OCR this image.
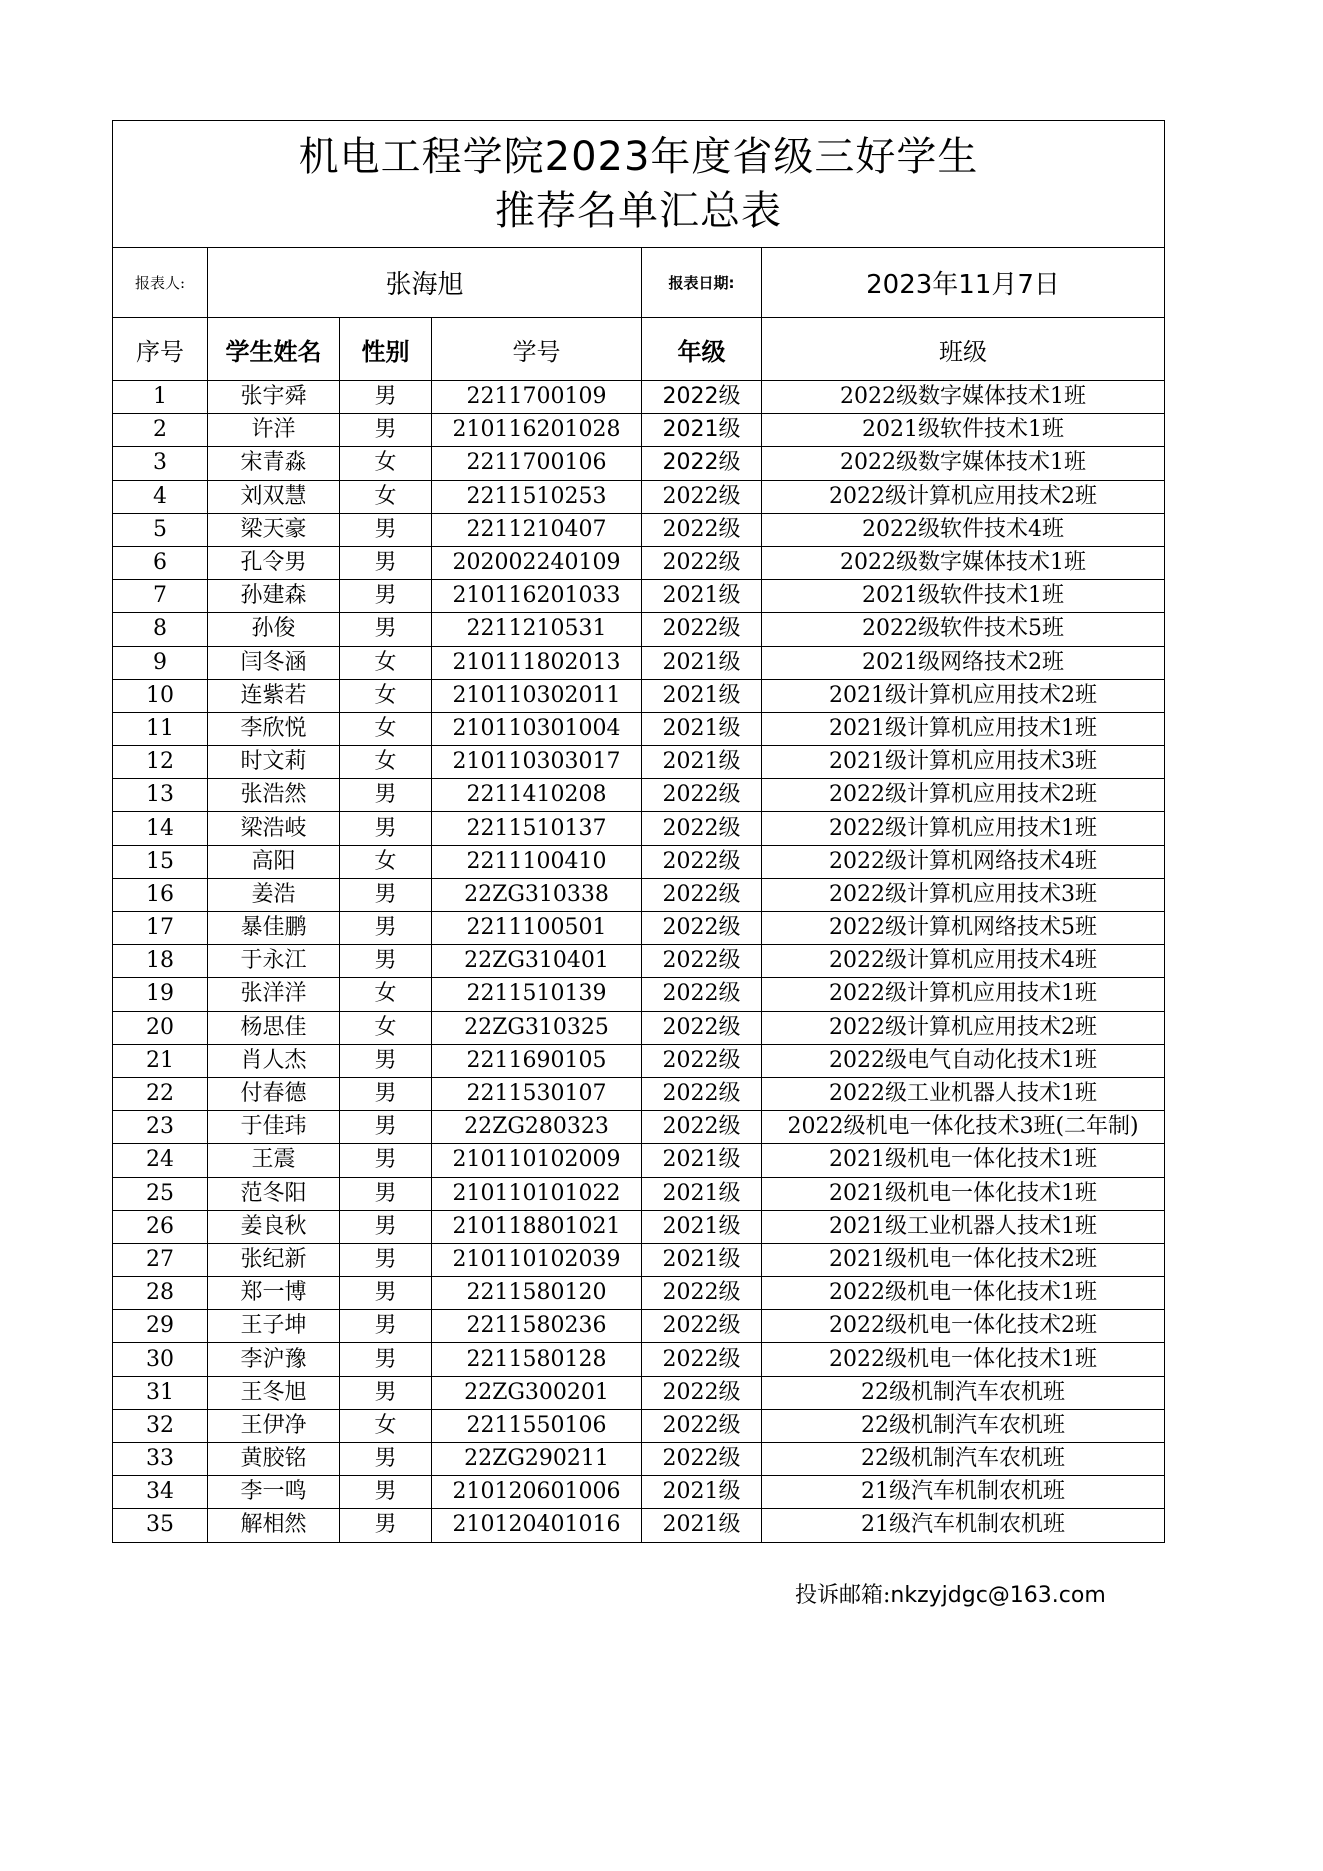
机电工程学院2023年度省级三好学生
推荐名单汇总表					

报表人:	张海旭			报表日期:	2023年11月7日
序号	学生姓名	性别	学号	年级	班级
1	张宇舜	男	2211700109	2022级	2022级数字媒体技术1班
2	许洋	男	210116201028	2021级	2021级软件技术1班
3	宋青淼	女	2211700106	2022级	2022级数字媒体技术1班
4	刘双慧	女	2211510253	2022级	2022级计算机应用技术2班
5	梁天豪	男	2211210407	2022级	2022级软件技术4班
6	孔令男	男	202002240109	2022级	2022级数字媒体技术1班
7	孙建森	男	210116201033	2021级	2021级软件技术1班
8	孙俊	男	2211210531	2022级	2022级软件技术5班
9	闫冬涵	女	210111802013	2021级	2021级网络技术2班
10	连紫若	女	210110302011	2021级	2021级计算机应用技术2班
11	李欣悦	女	210110301004	2021级	2021级计算机应用技术1班
12	时文莉	女	210110303017	2021级	2021级计算机应用技术3班
13	张浩然	男	2211410208	2022级	2022级计算机应用技术2班
14	梁浩岐	男	2211510137	2022级	2022级计算机应用技术1班
15	高阳	女	2211100410	2022级	2022级计算机网络技术4班
16	姜浩	男	22ZG310338	2022级	2022级计算机应用技术3班
17	暴佳鹏	男	2211100501	2022级	2022级计算机网络技术5班
18	于永江	男	22ZG310401	2022级	2022级计算机应用技术4班
19	张洋洋	女	2211510139	2022级	2022级计算机应用技术1班
20	杨思佳	女	22ZG310325	2022级	2022级计算机应用技术2班
21	肖人杰	男	2211690105	2022级	2022级电气自动化技术1班
22	付春德	男	2211530107	2022级	2022级工业机器人技术1班
23	于佳玮	男	22ZG280323	2022级	2022级机电一体化技术3班(二年制)
24	王震	男	210110102009	2021级	2021级机电一体化技术1班
25	范冬阳	男	210110101022	2021级	2021级机电一体化技术1班
26	姜良秋	男	210118801021	2021级	2021级工业机器人技术1班
27	张纪新	男	210110102039	2021级	2021级机电一体化技术2班
28	郑一博	男	2211580120	2022级	2022级机电一体化技术1班
29	王子坤	男	2211580236	2022级	2022级机电一体化技术2班
30	李沪豫	男	2211580128	2022级	2022级机电一体化技术1班
31	王冬旭	男	22ZG300201	2022级	22级机制汽车农机班
32	王伊净	女	2211550106	2022级	22级机制汽车农机班
33	黄胶铭	男	22ZG290211	2022级	22级机制汽车农机班
34	李一鸣	男	210120601006	2021级	21级汽车机制农机班
35	解相然	男	210120401016	2021级	21级汽车机制农机班
投诉邮箱:nkzyjdgc@163.com
